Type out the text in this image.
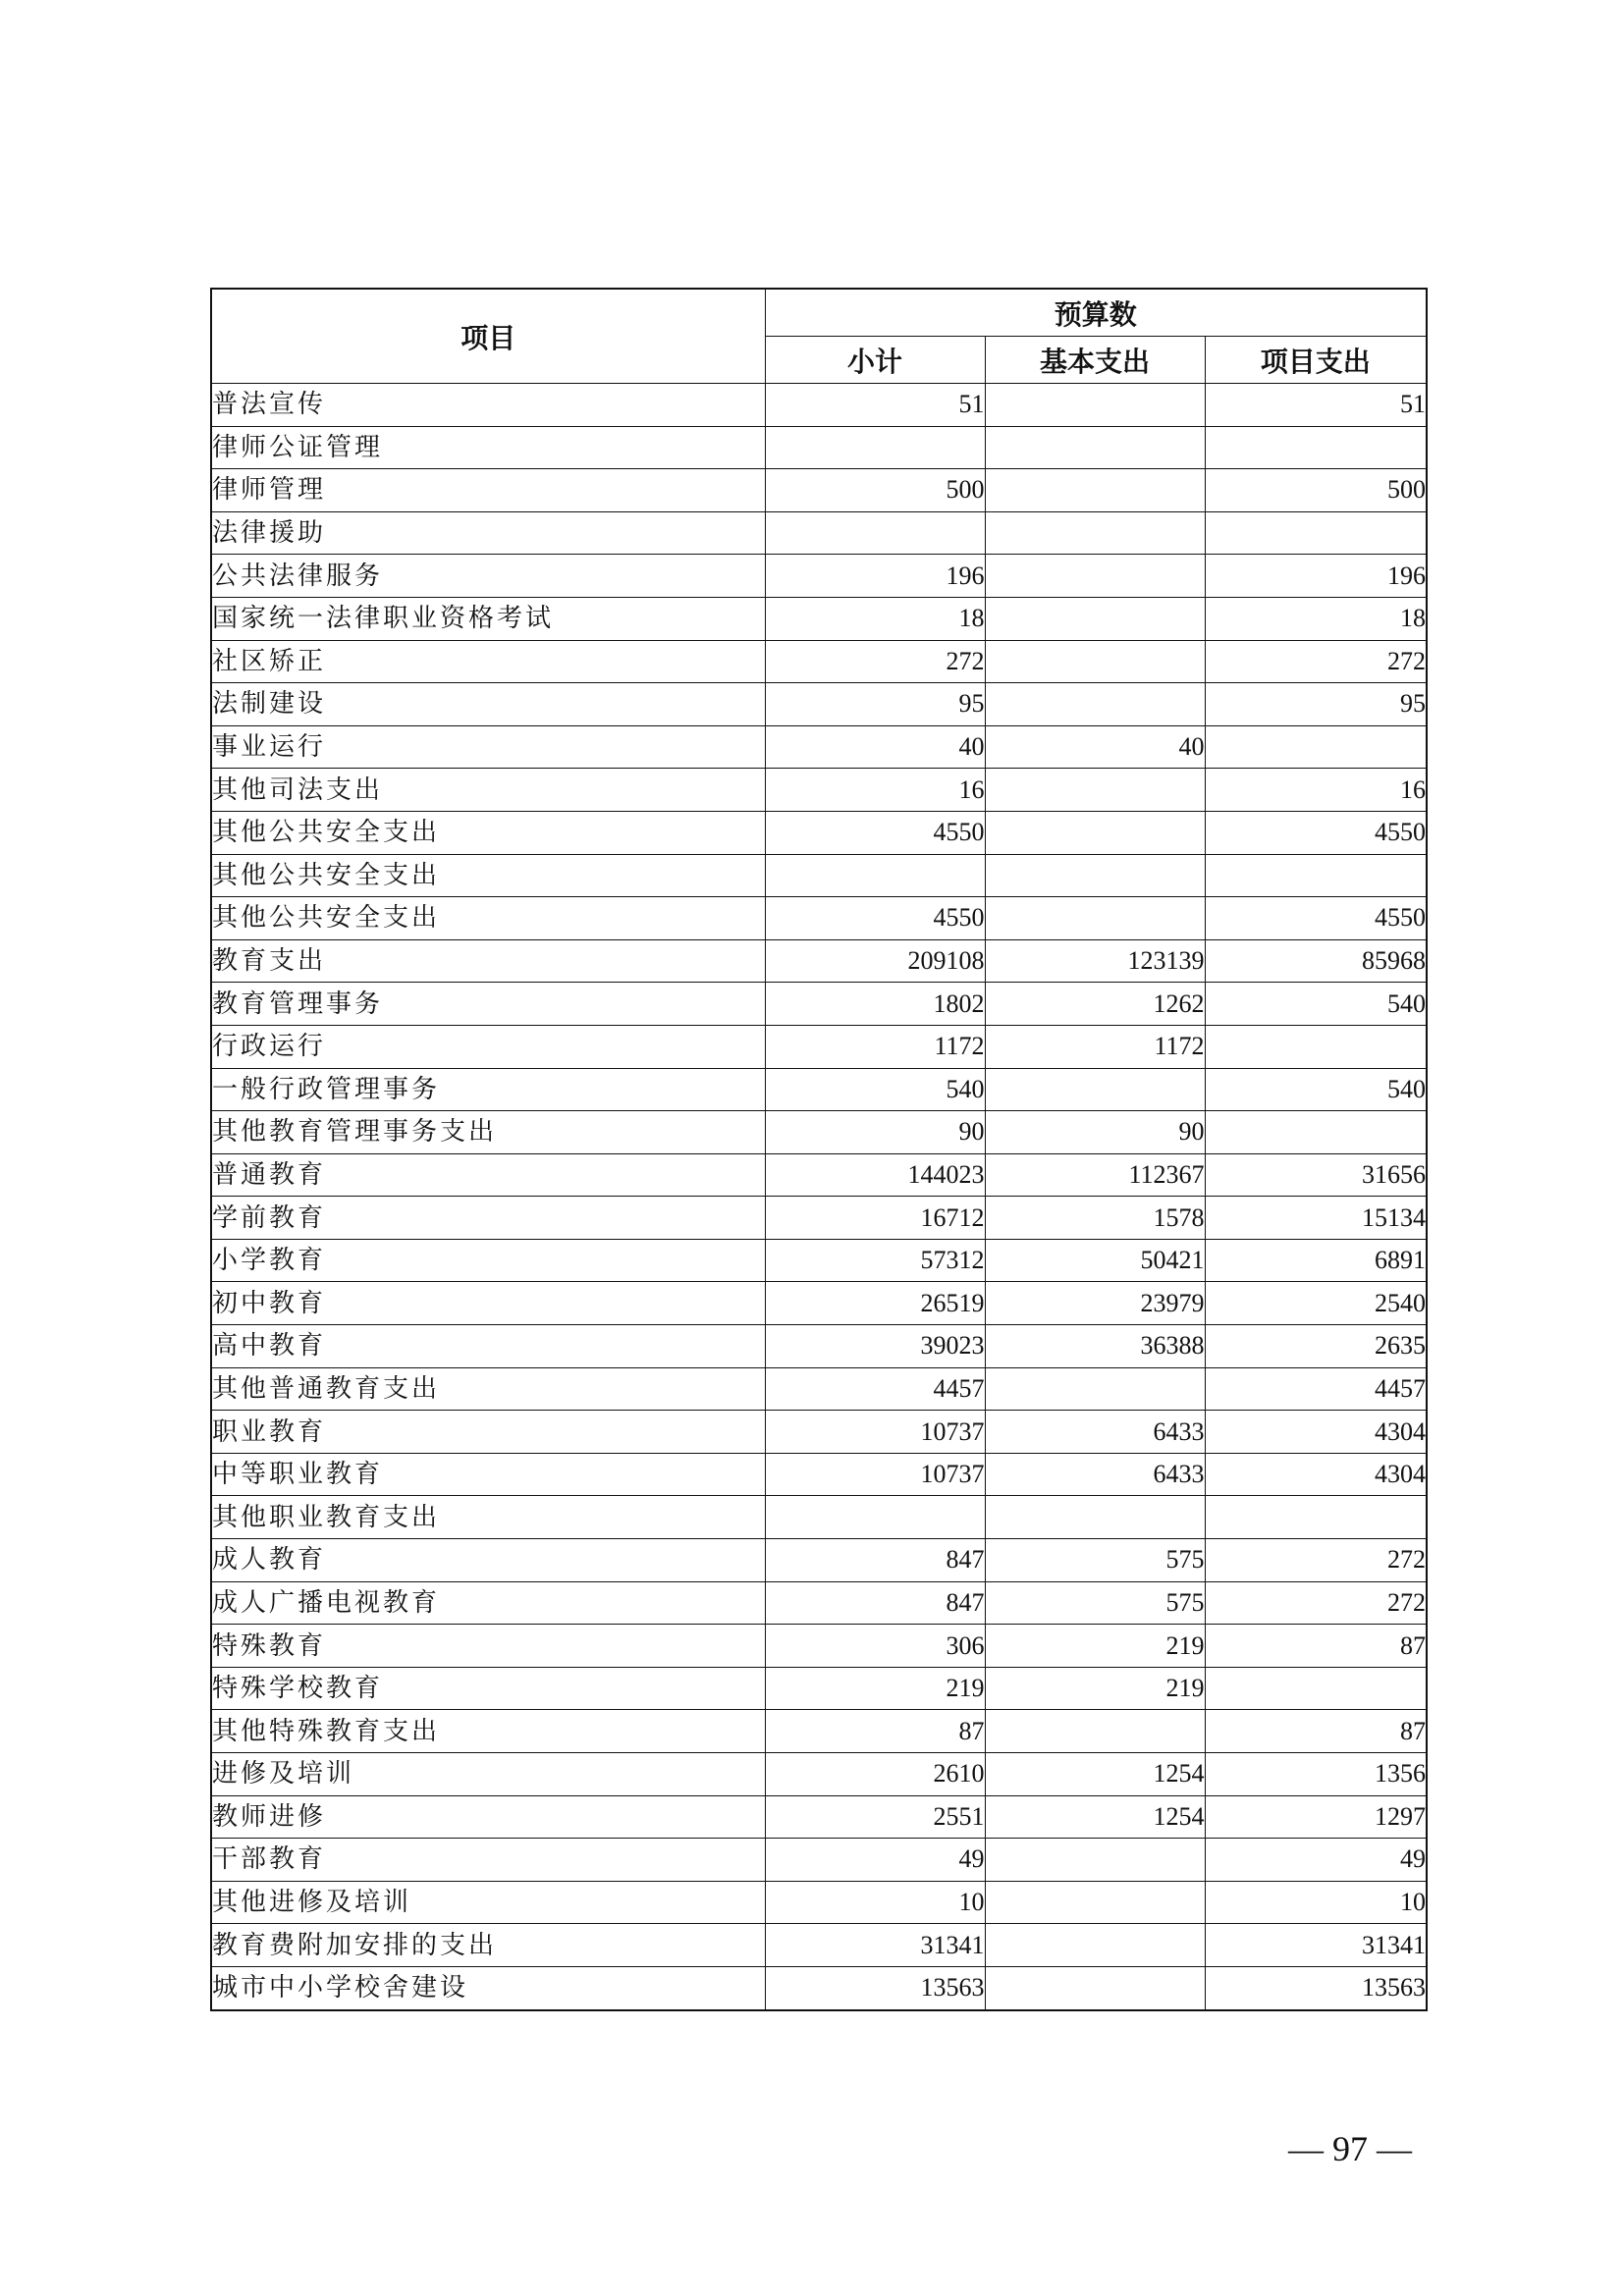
项目	预算数		
	小计	基本支出	项目支出
普法宣传	51		51
律师公证管理			
律师管理	500		500
法律援助			
公共法律服务	196		196
国家统一法律职业资格考试	18		18
社区矫正	272		272
法制建设	95		95
事业运行	40	40	
其他司法支出	16		16
其他公共安全支出	4550		4550
其他公共安全支出			
其他公共安全支出	4550		4550
教育支出	209108	123139	85968
教育管理事务	1802	1262	540
行政运行	1172	1172	
一般行政管理事务	540		540
其他教育管理事务支出	90	90	
普通教育	144023	112367	31656
学前教育	16712	1578	15134
小学教育	57312	50421	6891
初中教育	26519	23979	2540
高中教育	39023	36388	2635
其他普通教育支出	4457		4457
职业教育	10737	6433	4304
中等职业教育	10737	6433	4304
其他职业教育支出			
成人教育	847	575	272
成人广播电视教育	847	575	272
特殊教育	306	219	87
特殊学校教育	219	219	
其他特殊教育支出	87		87
进修及培训	2610	1254	1356
教师进修	2551	1254	1297
干部教育	49		49
其他进修及培训	10		10
教育费附加安排的支出	31341		31341
城市中小学校舍建设	13563		13563
— 97 —
